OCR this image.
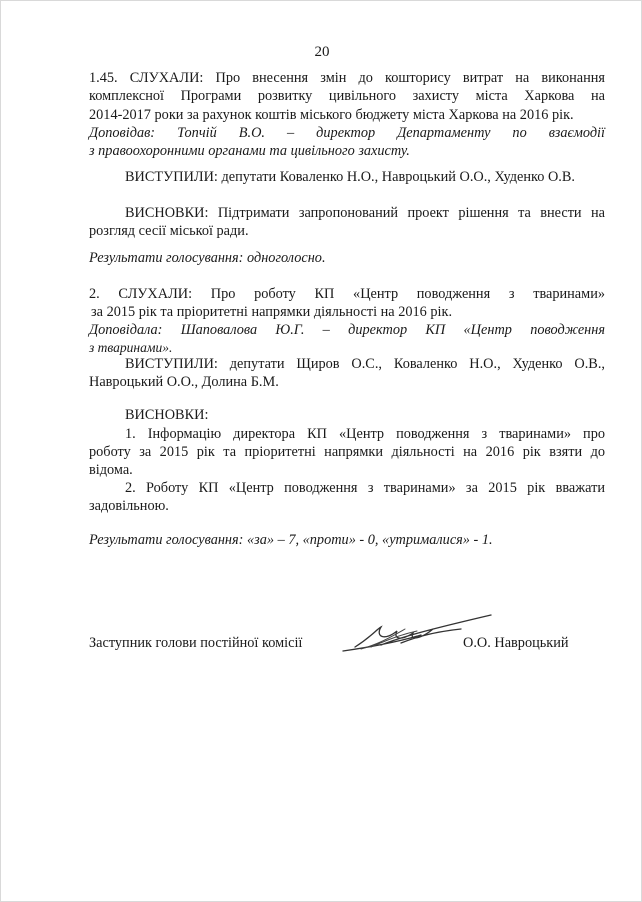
20
1.45. СЛУХАЛИ: Про внесення змін до кошторису витрат на виконання
комплексної Програми розвитку цивільного захисту міста Харкова на
2014-2017 роки за рахунок коштів міського бюджету міста Харкова на 2016 рік.
Доповідав: Топчій В.О. – директор Департаменту по взаємодії
з правоохоронними органами та цивільного захисту.
ВИСТУПИЛИ: депутати Коваленко Н.О., Навроцький О.О., Худенко О.В.
ВИСНОВКИ: Підтримати запропонований проект рішення та внести на
розгляд сесії міської ради.
Результати голосування: одноголосно.
2. СЛУХАЛИ: Про роботу КП «Центр поводження з тваринами»
за 2015 рік та пріоритетні напрямки діяльності на 2016 рік.
Доповідала: Шаповалова Ю.Г. – директор КП «Центр поводження
з тваринами».
ВИСТУПИЛИ: депутати Щиров О.С., Коваленко Н.О., Худенко О.В.,
Навроцький О.О., Долина Б.М.
ВИСНОВКИ:
1. Інформацію директора КП «Центр поводження з тваринами» про
роботу за 2015 рік та пріоритетні напрямки діяльності на 2016 рік взяти до
відома.
2. Роботу КП «Центр поводження з тваринами» за 2015 рік вважати
задовільною.
Результати голосування: «за» – 7, «проти» - 0, «утрималися» - 1.
Заступник голови постійної комісії	О.О. Навроцький
